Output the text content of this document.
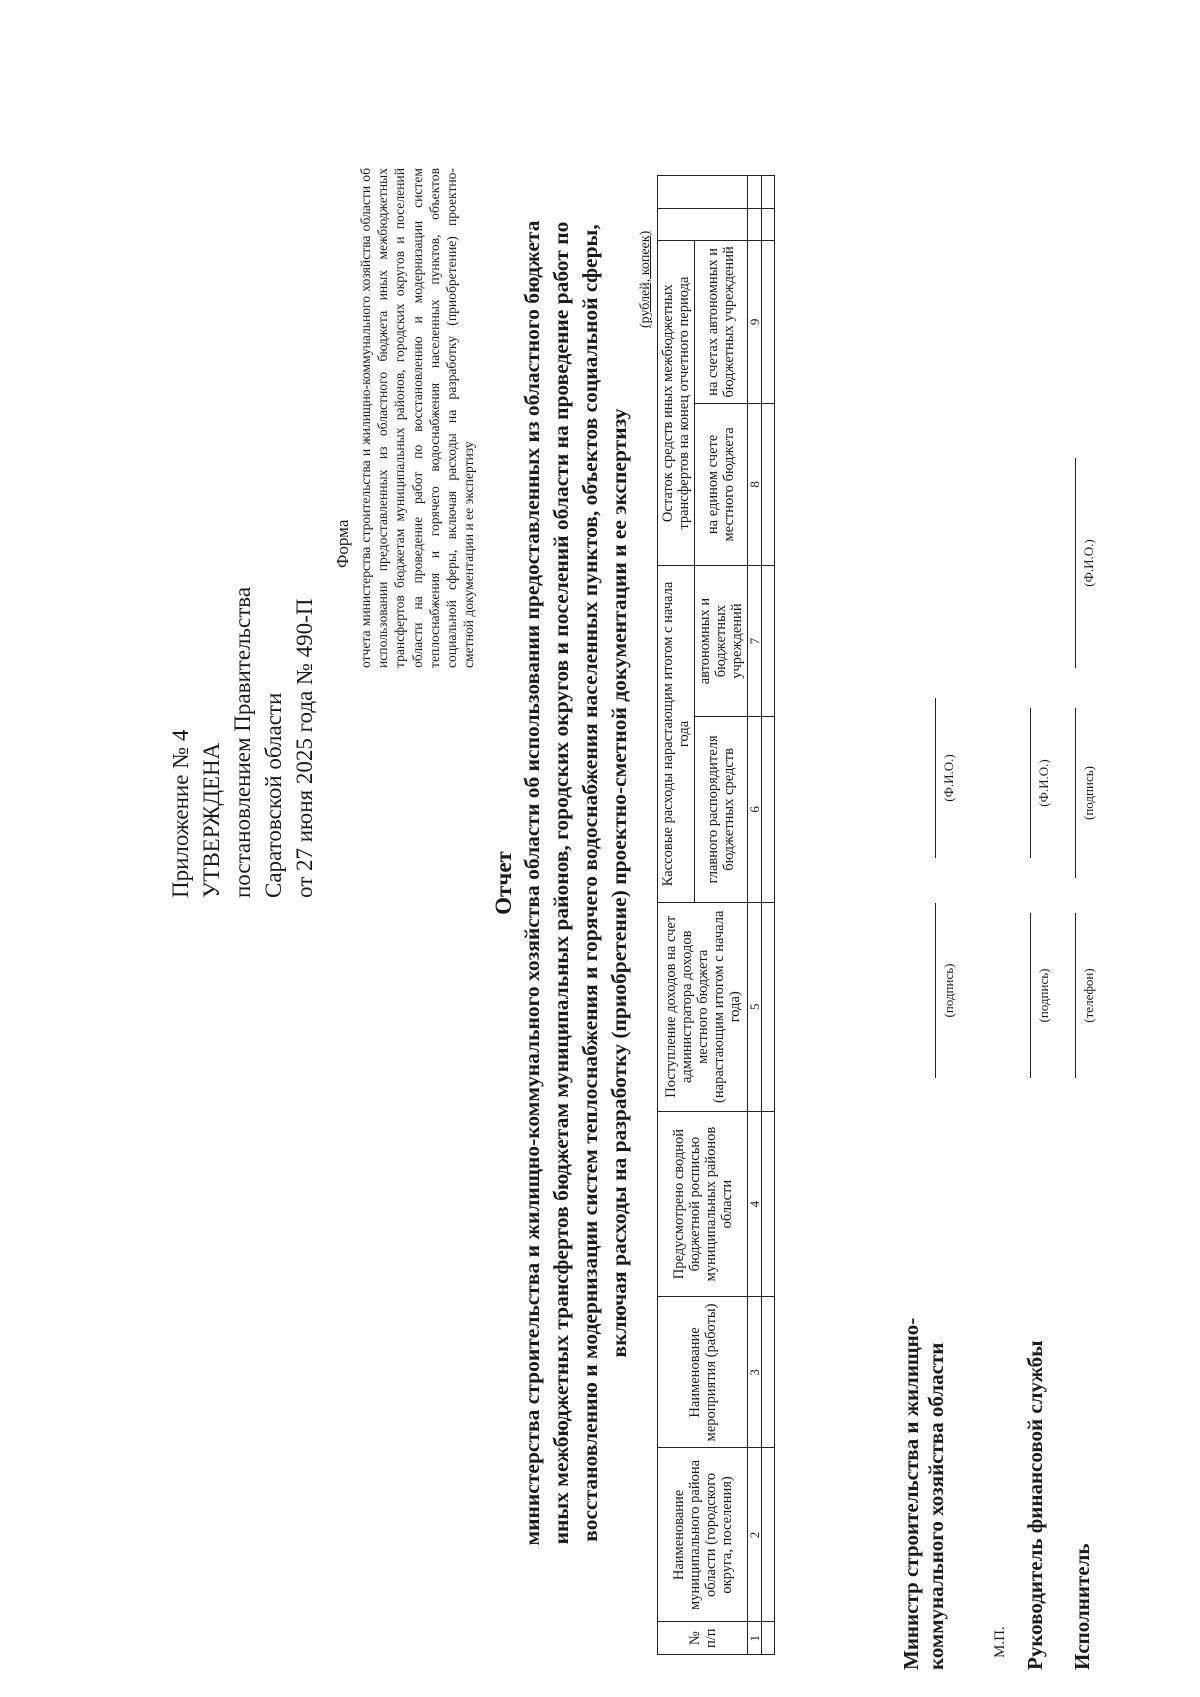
Приложение № 4 УТВЕРЖДЕНА постановлением Правительства Саратовской области от 27 июня 2025 года № 490-П
Форма отчета министерства строительства и жилищно-коммунального хозяйства области об использовании предоставленных из областного бюджета иных межбюджетных трансфертов бюджетам муниципальных районов, городских округов и поселений области на проведение работ по восстановлению и модернизации систем теплоснабжения и горячего водоснабжения населенных пунктов, объектов социальной сферы, включая расходы на разработку (приобретение) проектно-сметной документации и ее экспертизу
Отчет министерства строительства и жилищно-коммунального хозяйства области об использовании предоставленных из областного бюджета иных межбюджетных трансфертов бюджетам муниципальных районов, городских округов и поселений области на проведение работ по восстановлению и модернизации систем теплоснабжения и горячего водоснабжения населенных пунктов, объектов социальной сферы, включая расходы на разработку (приобретение) проектно-сметной документации и ее экспертизу
(рублей, копеек)
№ п/п	Наименование муниципального района области (городского округа, поселения)	Наименование мероприятия (работы)	Предусмотрено сводной бюджетной росписью муниципальных районов области	Поступление доходов на счет администратора доходов местного бюджета (нарастающим итогом с начала года)	Кассовые расходы нарастающим итогом с начала года		Остаток средств иных межбюджетных трансфертов на конец отчетного периода			
					главного распорядителя бюджетных средств	автономных и бюджетных учреждений	на едином счете местного бюджета	на счетах автономных и бюджетных учреждений		
1	2	3	4	5	6	7	8	9		

Министр строительства и жилищно-коммунального хозяйства области	М.П.
(подпись)
(Ф.И.О.)
Руководитель финансовой службы
(подпись)
(Ф.И.О.)
Исполнитель
(телефон)
(подпись)
(Ф.И.О.)
